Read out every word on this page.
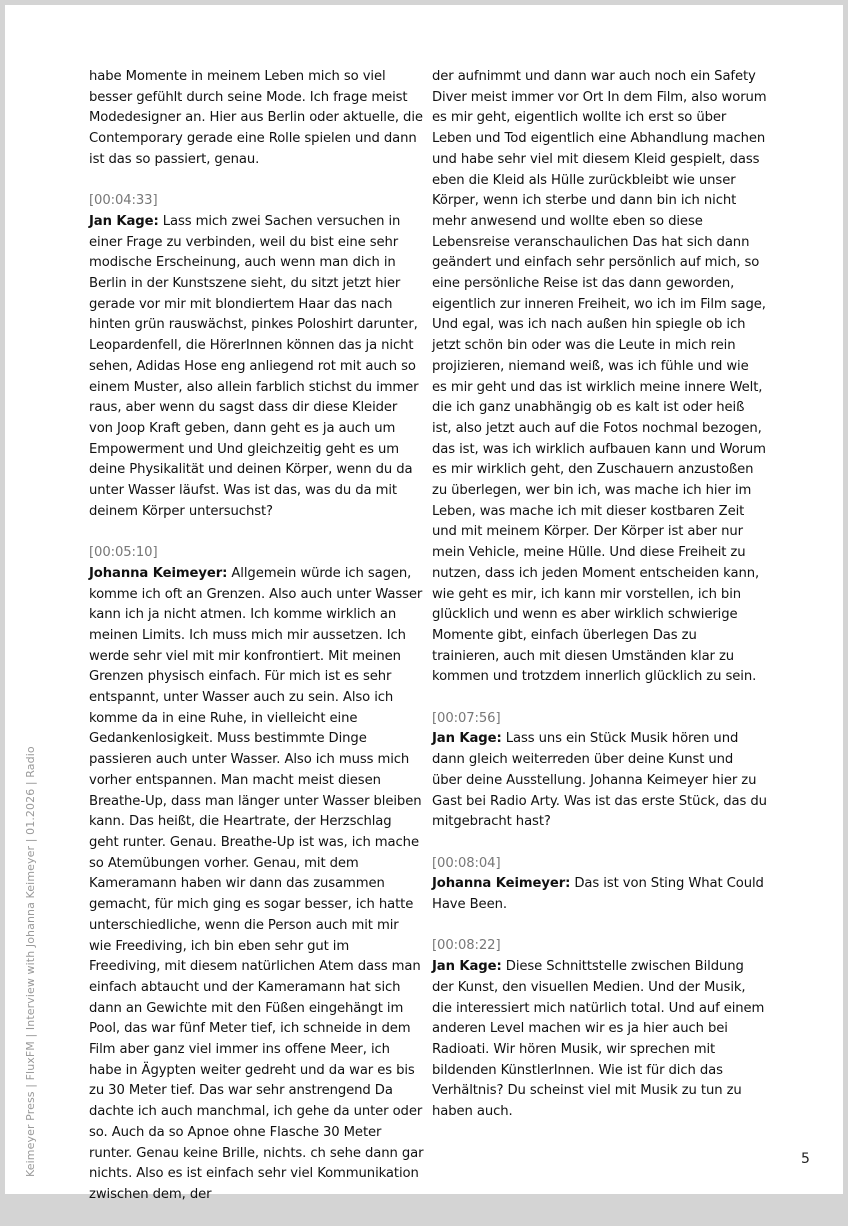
habe Momente in meinem Leben mich so viel besser gefühlt durch seine Mode. Ich frage meist Modedesigner an. Hier aus Berlin oder aktuelle, die Contemporary gerade eine Rolle spielen und dann ist das so passiert, genau.

[00:04:33]

Jan Kage: Lass mich zwei Sachen versuchen in einer Frage zu verbinden, weil du bist eine sehr modische Erscheinung, auch wenn man dich in Berlin in der Kunstszene sieht, du sitzt jetzt hier gerade vor mir mit blondiertem Haar das nach hinten grün rauswächst, pinkes Poloshirt darunter, Leopardenfell, die HörerInnen können das ja nicht sehen, Adidas Hose eng anliegend rot mit auch so einem Muster, also allein farblich stichst du immer raus, aber wenn du sagst dass dir diese Kleider von Joop Kraft geben, dann geht es ja auch um Empowerment und Und gleichzeitig geht es um deine Physikalität und deinen Körper, wenn du da unter Wasser läufst. Was ist das, was du da mit deinem Körper untersuchst?

[00:05:10]

Johanna Keimeyer: Allgemein würde ich sagen, komme ich oft an Grenzen. Also auch unter Wasser kann ich ja nicht atmen. Ich komme wirklich an meinen Limits. Ich muss mich mir aussetzen. Ich werde sehr viel mit mir konfrontiert. Mit meinen Grenzen physisch einfach. Für mich ist es sehr entspannt, unter Wasser auch zu sein. Also ich komme da in eine Ruhe, in vielleicht eine Gedankenlosigkeit. Muss bestimmte Dinge passieren auch unter Wasser. Also ich muss mich vorher entspannen. Man macht meist diesen Breathe-Up, dass man länger unter Wasser bleiben kann. Das heißt, die Heartrate, der Herzschlag geht runter. Genau. Breathe-Up ist was, ich mache so Atemübungen vorher. Genau, mit dem Kameramann haben wir dann das zusammen gemacht, für mich ging es sogar besser, ich hatte unterschiedliche, wenn die Person auch mit mir wie Freediving, ich bin eben sehr gut im Freediving, mit diesem natürlichen Atem dass man einfach abtaucht und der Kameramann hat sich dann an Gewichte mit den Füßen eingehängt im Pool, das war fünf Meter tief, ich schneide in dem Film aber ganz viel immer ins offene Meer, ich habe in Ägypten weiter gedreht und da war es bis zu 30 Meter tief. Das war sehr anstrengend Da dachte ich auch manchmal, ich gehe da unter oder so. Auch da so Apnoe ohne Flasche 30 Meter runter. Genau keine Brille, nichts. ch sehe dann gar nichts. Also es ist einfach sehr viel Kommunikation zwischen dem, der

der aufnimmt und dann war auch noch ein Safety Diver meist immer vor Ort In dem Film, also worum es mir geht, eigentlich wollte ich erst so über Leben und Tod eigentlich eine Abhandlung machen und habe sehr viel mit diesem Kleid gespielt, dass eben die Kleid als Hülle zurückbleibt wie unser Körper, wenn ich sterbe und dann bin ich nicht mehr anwesend und wollte eben so diese Lebensreise veranschaulichen Das hat sich dann geändert und einfach sehr persönlich auf mich, so eine persönliche Reise ist das dann geworden, eigentlich zur inneren Freiheit, wo ich im Film sage, Und egal, was ich nach außen hin spiegle ob ich jetzt schön bin oder was die Leute in mich rein projizieren, niemand weiß, was ich fühle und wie es mir geht und das ist wirklich meine innere Welt, die ich ganz unabhängig ob es kalt ist oder heiß ist, also jetzt auch auf die Fotos nochmal bezogen, das ist, was ich wirklich aufbauen kann und Worum es mir wirklich geht, den Zuschauern anzustoßen zu überlegen, wer bin ich, was mache ich hier im Leben, was mache ich mit dieser kostbaren Zeit und mit meinem Körper. Der Körper ist aber nur mein Vehicle, meine Hülle. Und diese Freiheit zu nutzen, dass ich jeden Moment entscheiden kann, wie geht es mir, ich kann mir vorstellen, ich bin glücklich und wenn es aber wirklich schwierige Momente gibt, einfach überlegen Das zu trainieren, auch mit diesen Umständen klar zu kommen und trotzdem innerlich glücklich zu sein.

[00:07:56]

Jan Kage: Lass uns ein Stück Musik hören und dann gleich weiterreden über deine Kunst und über deine Ausstellung. Johanna Keimeyer hier zu Gast bei Radio Arty. Was ist das erste Stück, das du mitgebracht hast?

[00:08:04]

Johanna Keimeyer: Das ist von Sting What Could Have Been.

[00:08:22]

Jan Kage: Diese Schnittstelle zwischen Bildung der Kunst, den visuellen Medien. Und der Musik, die interessiert mich natürlich total. Und auf einem anderen Level machen wir es ja hier auch bei Radioati. Wir hören Musik, wir sprechen mit bildenden KünstlerInnen. Wie ist für dich das Verhältnis? Du scheinst viel mit Musik zu tun zu haben auch.

Keimeyer Press | FluxFM | Interview with Johanna Keimeyer | 01.2026 | Radio	5
